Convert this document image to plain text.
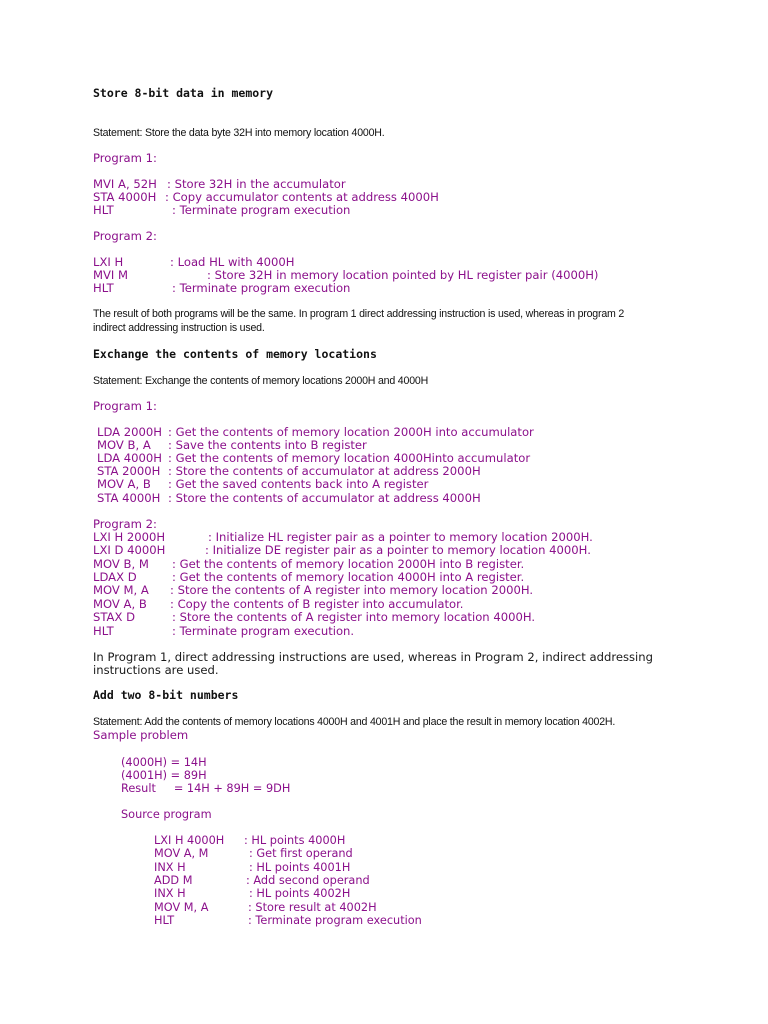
Store 8-bit data in memory
Statement: Store the data byte 32H into memory location 4000H.
Program 1:
MVI A, 52H : Store 32H in the accumulator
STA 4000H : Copy accumulator contents at address 4000H
HLT	: Terminate program execution
Program 2:
LXI H	: Load HL with 4000H
MVI M	: Store 32H in memory location pointed by HL register pair (4000H)
HLT	: Terminate program execution
The result of both programs will be the same. In program 1 direct addressing instruction is used, whereas in program 2
indirect addressing instruction is used.
Exchange the contents of memory locations
Statement: Exchange the contents of memory locations 2000H and 4000H
Program 1:
LDA 2000H : Get the contents of memory location 2000H into accumulator
MOV B, A : Save the contents into B register
LDA 4000H : Get the contents of memory location 4000Hinto accumulator
STA 2000H : Store the contents of accumulator at address 2000H
MOV A, B : Get the saved contents back into A register
STA 4000H : Store the contents of accumulator at address 4000H
Program 2:
LXI H 2000H	: Initialize HL register pair as a pointer to memory location 2000H.
LXI D 4000H	: Initialize DE register pair as a pointer to memory location 4000H.
MOV B, M : Get the contents of memory location 2000H into B register.
LDAX D	: Get the contents of memory location 4000H into A register.
MOV M, A : Store the contents of A register into memory location 2000H.
MOV A, B : Copy the contents of B register into accumulator.
STAX D	: Store the contents of A register into memory location 4000H.
HLT	: Terminate program execution.
In Program 1, direct addressing instructions are used, whereas in Program 2, indirect addressing
instructions are used.
Add two 8-bit numbers
Statement: Add the contents of memory locations 4000H and 4001H and place the result in memory location 4002H.
Sample problem
(4000H) = 14H
(4001H) = 89H
Result     = 14H + 89H = 9DH
Source program
LXI H 4000H : HL points 4000H
MOV A, M	: Get first operand
INX H	: HL points 4001H
ADD M	: Add second operand
INX H	: HL points 4002H
MOV M, A	: Store result at 4002H
HLT	: Terminate program execution
